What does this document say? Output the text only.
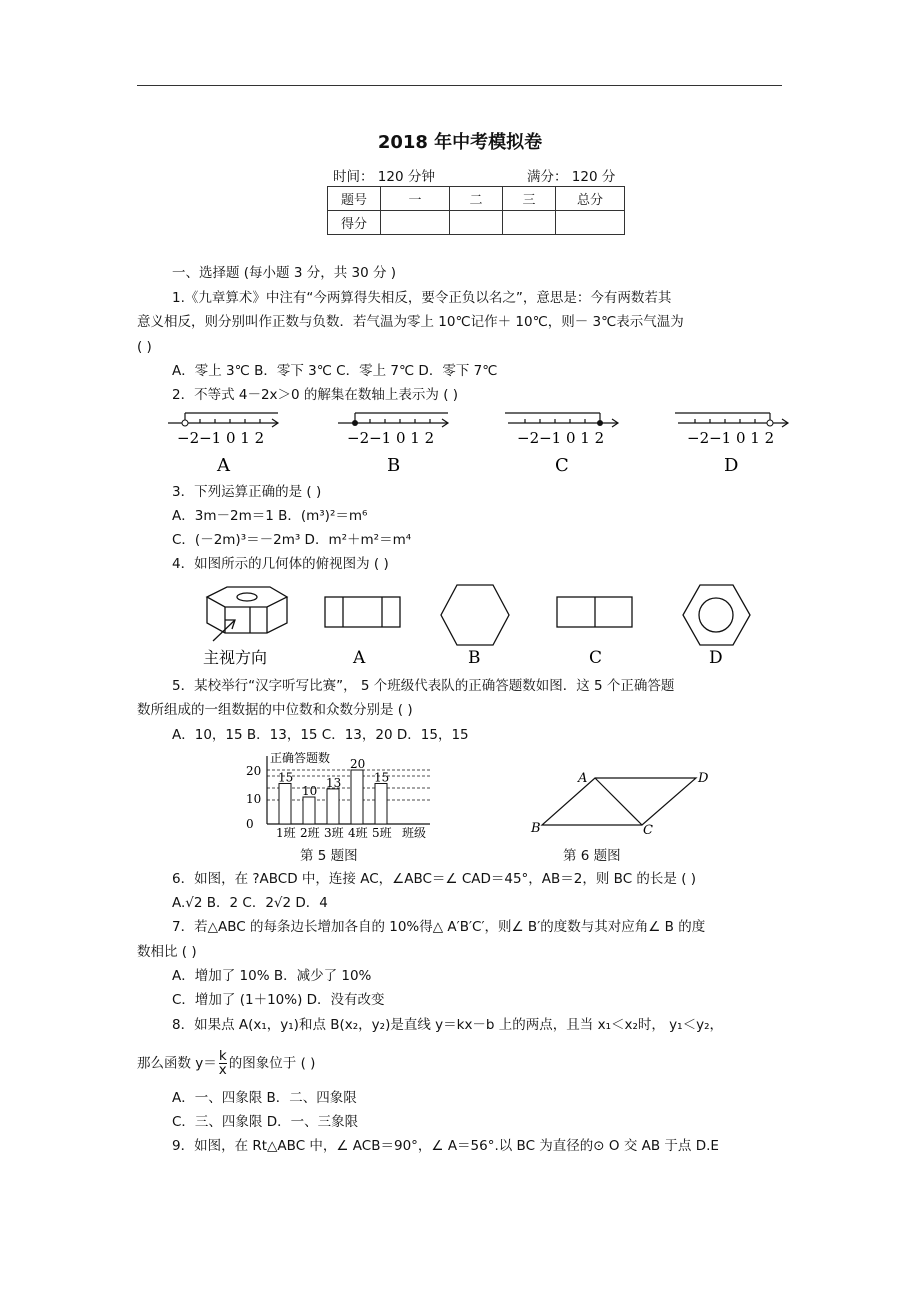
2018 年中考模拟卷
时间： 120 分钟	满分： 120 分
题号	一	二	三	总分
得分				
一、选择题 (每小题 3 分，共 30 分 )
1.《九章算术》中注有“今两算得失相反，要令正负以名之”，意思是：今有两数若其
意义相反，则分别叫作正数与负数．若气温为零上 10℃记作＋ 10℃，则－ 3℃表示气温为
( )
A．零上 3℃ B．零下 3℃ C．零上 7℃ D．零下 7℃
2．不等式 4－2x＞0 的解集在数轴上表示为 ( )
−2−1 0 1 2	−2−1 0 1 2	−2−1 0 1 2	−2−1 0 1 2
A	B	C	D
3．下列运算正确的是 ( )
A．3m－2m＝1 B．(m³)²＝m⁶
C．(－2m)³＝－2m³ D．m²＋m²＝m⁴
4．如图所示的几何体的俯视图为 ( )
主视方向	A	B	C	D
5．某校举行“汉字听写比赛”， 5 个班级代表队的正确答题数如图．这 5 个正确答题
数所组成的一组数据的中位数和众数分别是 ( )
A．10，15 B．13，15 C．13，20 D．15，15
15
10
13
20
15
正确答题数
0
10
20
1班 2班 3班 4班 5班 班级
A	D
B	C
第 5 题图	第 6 题图
6．如图，在 ?ABCD 中，连接 AC，∠ABC＝∠ CAD＝45°，AB＝2，则 BC 的长是 ( )
A.√2 B．2 C．2√2 D．4
7．若△ABC 的每条边长增加各自的 10%得△ A′B′C′，则∠ B′的度数与其对应角∠ B 的度
数相比 ( )
A．增加了 10% B．减少了 10%
C．增加了 (1＋10%) D．没有改变
8．如果点 A(x₁，y₁)和点 B(x₂，y₂)是直线 y＝kx－b 上的两点，且当 x₁＜x₂时， y₁＜y₂，
那么函数 $y= \frac{k}{x}$ 的图象位于 ( )
A．一、四象限 B．二、四象限
C．三、四象限 D．一、三象限
9．如图，在 Rt△ABC 中，∠ ACB＝90°，∠ A＝56°.以 BC 为直径的⊙ O 交 AB 于点 D.E
